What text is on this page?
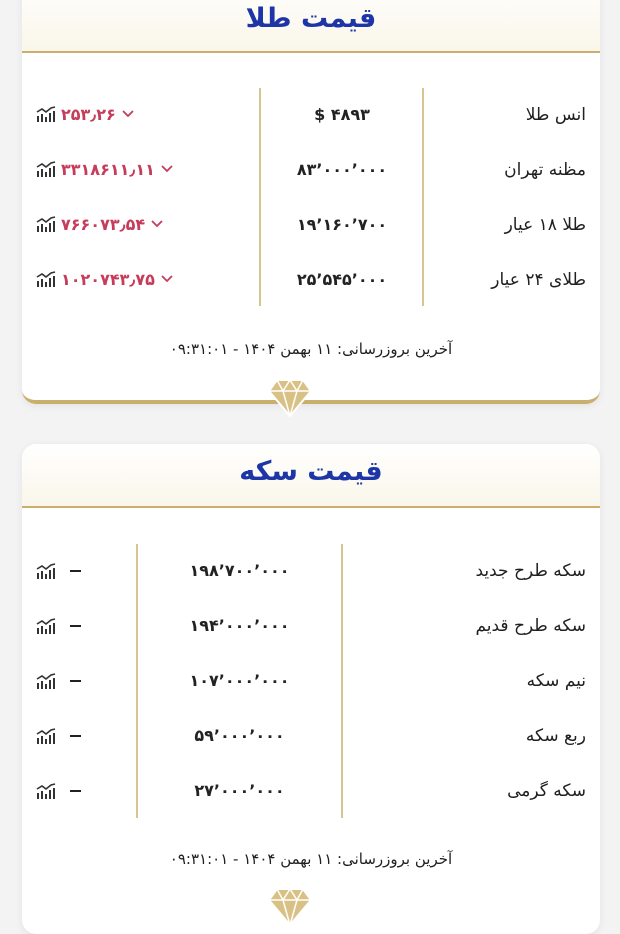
قیمت طلا
انس طلا
$ ۴۸۹۳
۲۵۳٫۲۶
مظنه تهران
۸۳٬۰۰۰٬۰۰۰
۳۳۱۸۶۱۱٫۱۱
طلا ۱۸ عیار
۱۹٬۱۶۰٬۷۰۰
۷۶۶۰۷۳٫۵۴
طلای ۲۴ عیار
۲۵٬۵۴۵٬۰۰۰
۱۰۲۰۷۴۳٫۷۵
آخرین بروزرسانی: ۱۱ بهمن ۱۴۰۴ - ۰۹:۳۱:۰۱
قیمت سکه
سکه طرح جدید
۱۹۸٬۷۰۰٬۰۰۰
سکه طرح قدیم
۱۹۴٬۰۰۰٬۰۰۰
نیم سکه
۱۰۷٬۰۰۰٬۰۰۰
ربع سکه
۵۹٬۰۰۰٬۰۰۰
سکه گرمی
۲۷٬۰۰۰٬۰۰۰
آخرین بروزرسانی: ۱۱ بهمن ۱۴۰۴ - ۰۹:۳۱:۰۱
